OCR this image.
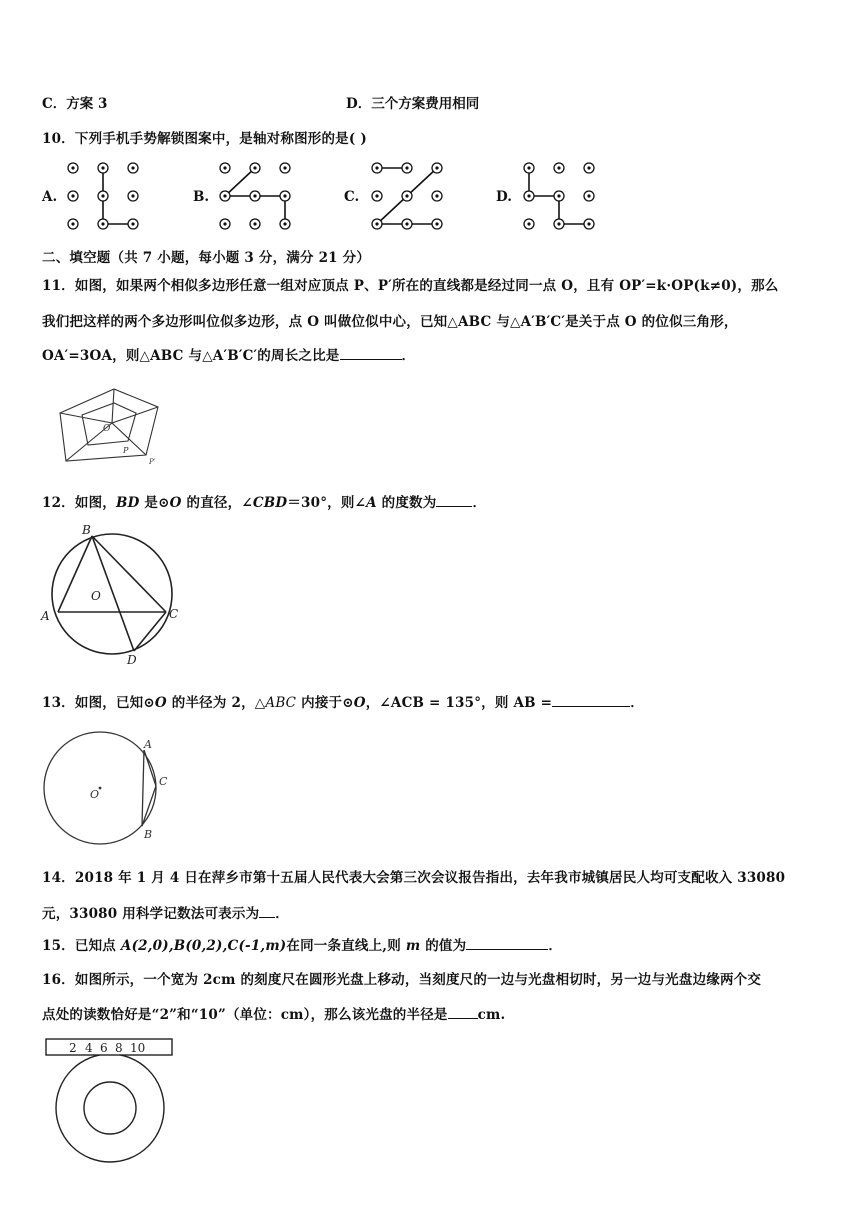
C．方案 3	D．三个方案费用相同
10．下列手机手势解锁图案中，是轴对称图形的是( )
A.	B.	C.	D.
二、填空题（共 7 小题，每小题 3 分，满分 21 分）
11．如图，如果两个相似多边形任意一组对应顶点 P、P′所在的直线都是经过同一点 O，且有 OP′=k·OP(k≠0)，那么
我们把这样的两个多边形叫位似多边形，点 O 叫做位似中心，已知△ABC 与△A′B′C′是关于点 O 的位似三角形，
OA′=3OA，则△ABC 与△A′B′C′的周长之比是	．
O
P
P′
12．如图，BD 是⊙O 的直径，∠CBD＝30°，则∠A 的度数为	．
B
O
A	C
D
13．如图，已知⊙O 的半径为 2，△ABC 内接于⊙O，∠ACB = 135°，则 AB =	．
A
C
B
O
14．2018 年 1 月 4 日在萍乡市第十五届人民代表大会第三次会议报告指出，去年我市城镇居民人均可支配收入 33080
元，33080 用科学记数法可表示为 ．
15．已知点 A(2,0),B(0,2),C(-1,m)在同一条直线上,则 m 的值为	．
16．如图所示，一个宽为 2cm 的刻度尺在圆形光盘上移动，当刻度尺的一边与光盘相切时，另一边与光盘边缘两个交
点处的读数恰好是“2”和“10”（单位：cm），那么该光盘的半径是 cm.
2 4 6 8 10
